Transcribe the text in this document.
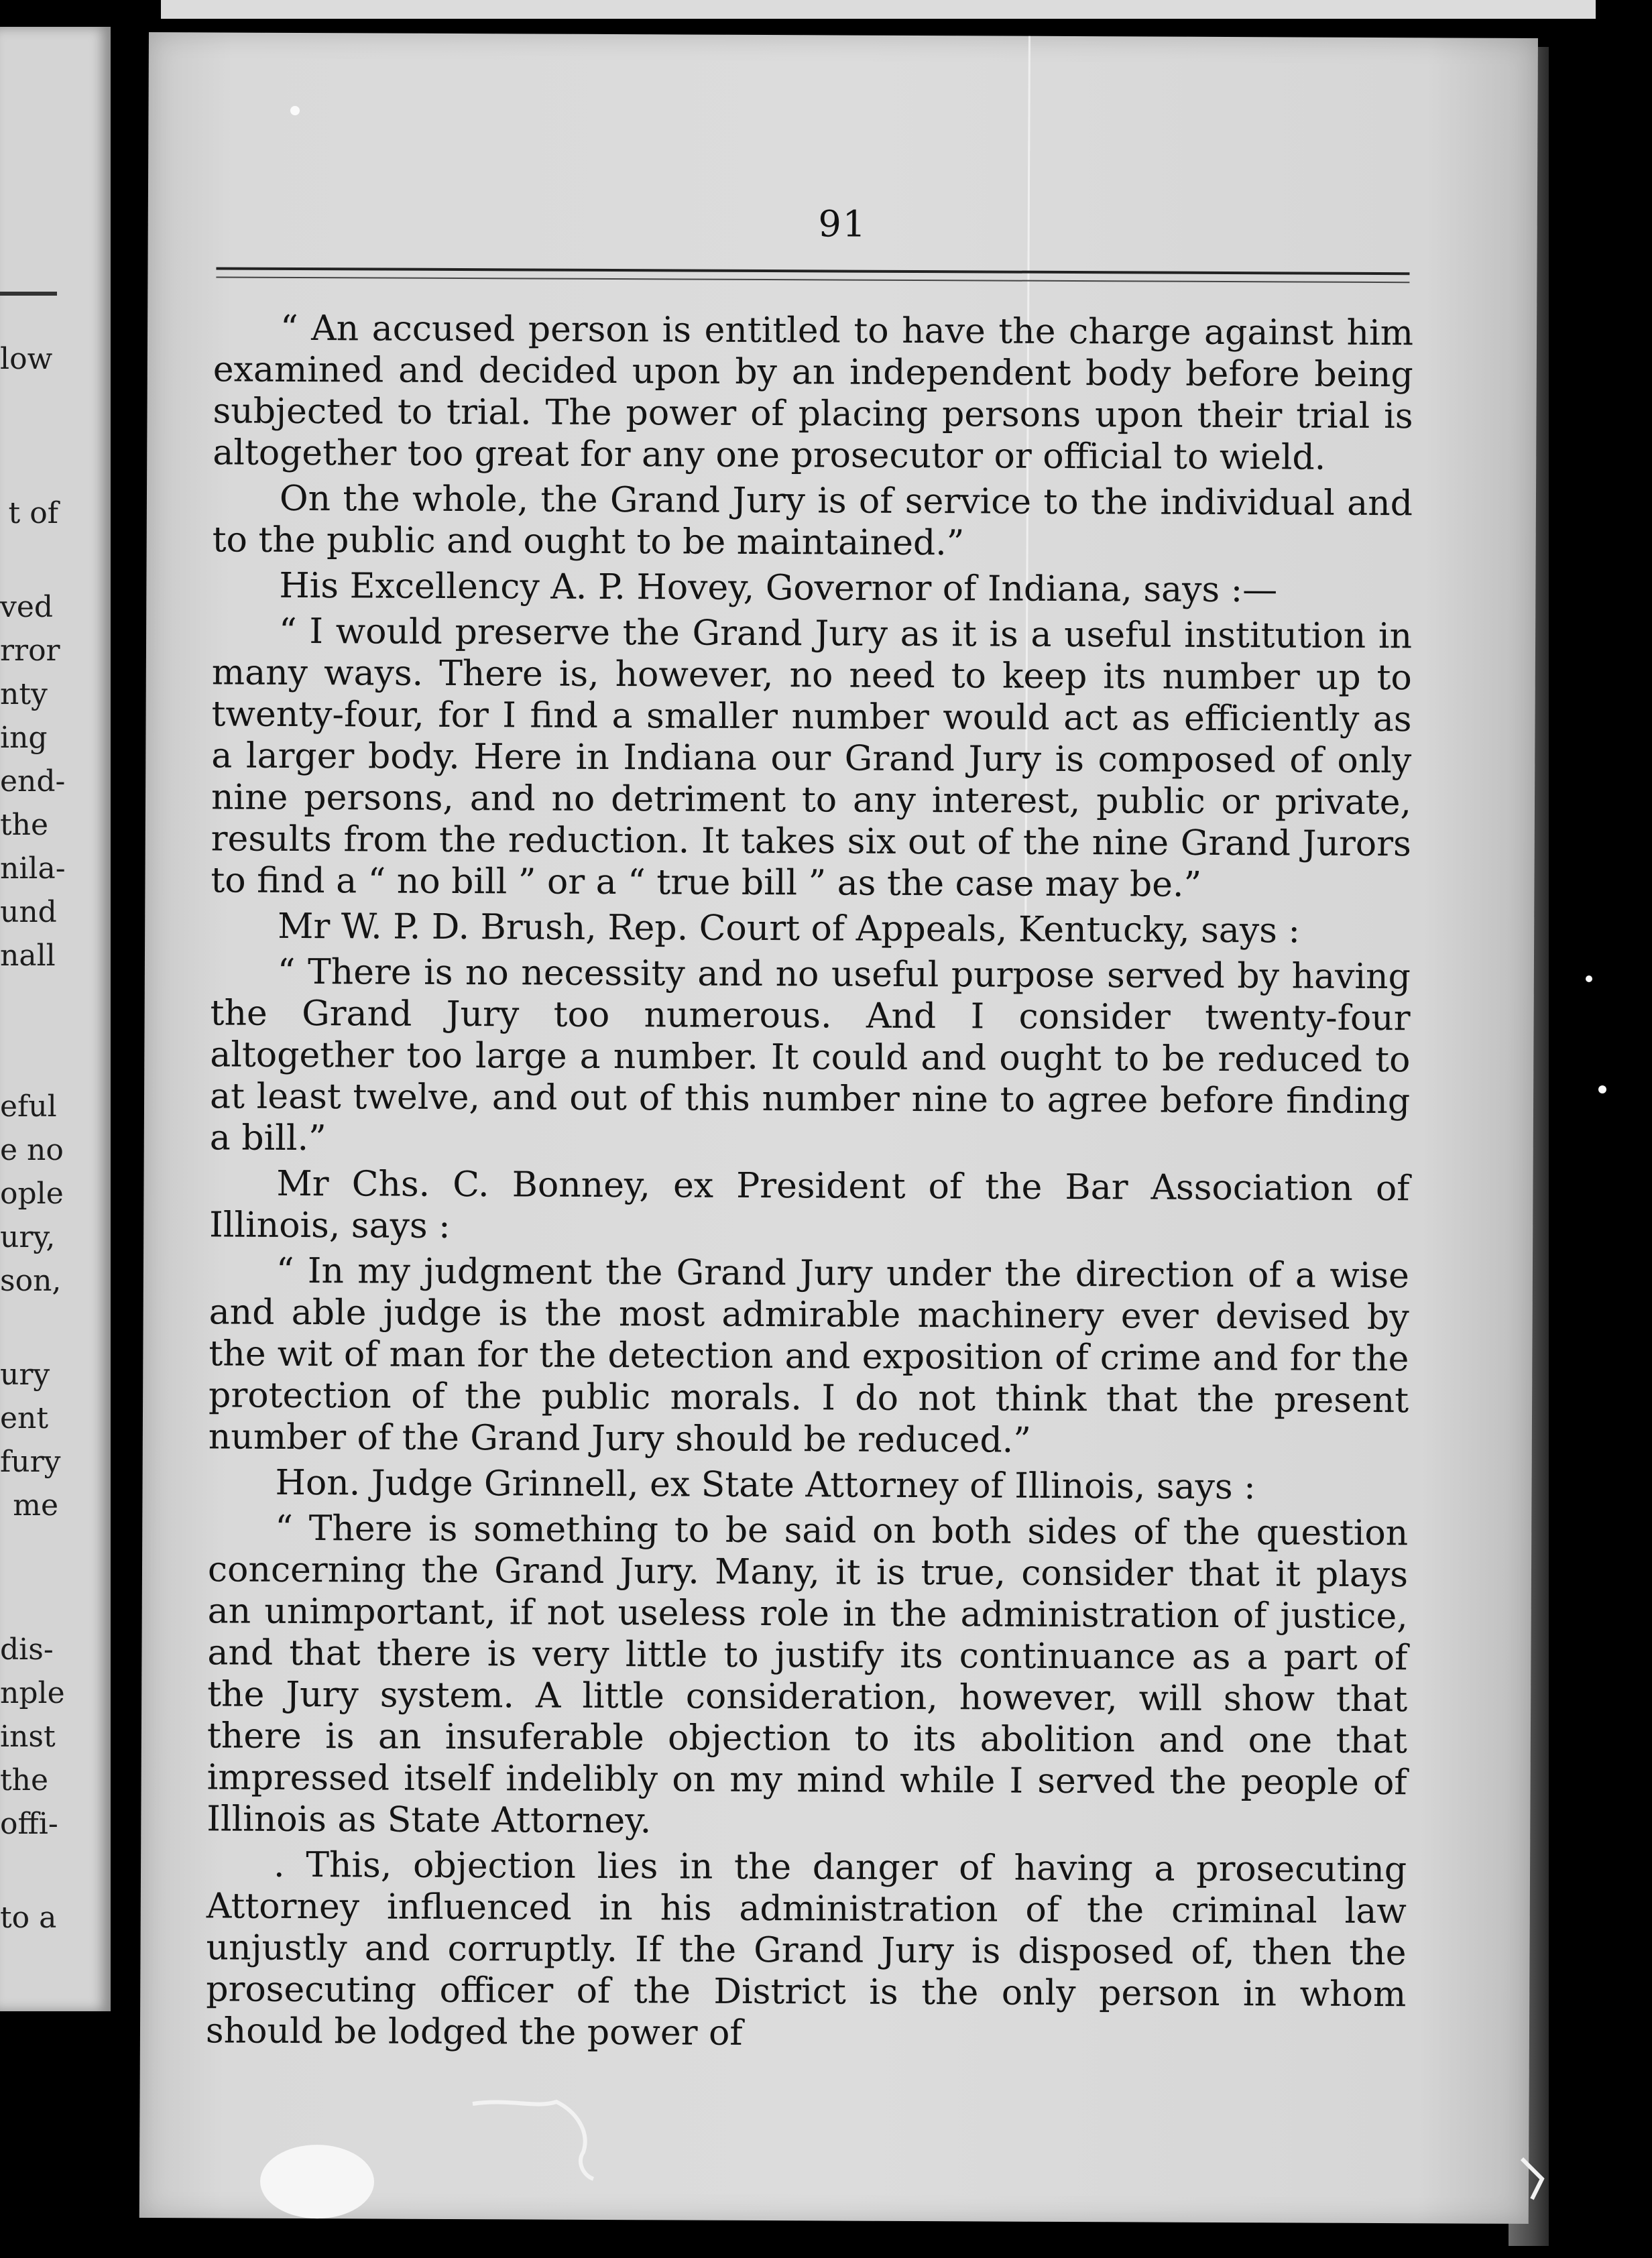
low
t of
ved
rror
nty
ing
end-
the
nila-
und
nall
eful
e no
ople
ury,
son,
ury
ent
fury
me
dis-
nple
inst
the
offi-
to a
91

“ An accused person is entitled to have the charge against him examined and decided upon by an independent body before being subjected to trial. The power of placing persons upon their trial is altogether too great for any one prosecutor or official to wield.

On the whole, the Grand Jury is of service to the individual and to the public and ought to be maintained.”

His Excellency A. P. Hovey, Governor of Indiana, says :—

“ I would preserve the Grand Jury as it is a useful institution in many ways. There is, however, no need to keep its number up to twenty-four, for I find a smaller number would act as efficiently as a larger body. Here in Indiana our Grand Jury is composed of only nine persons, and no detriment to any interest, public or private, results from the reduction. It takes six out of the nine Grand Jurors to find a “ no bill ” or a “ true bill ” as the case may be.”

Mr W. P. D. Brush, Rep. Court of Appeals, Kentucky, says :

“ There is no necessity and no useful purpose served by having the Grand Jury too numerous. And I consider twenty-four altogether too large a number. It could and ought to be reduced to at least twelve, and out of this number nine to agree before finding a bill.”

Mr Chs. C. Bonney, ex President of the Bar Association of Illinois, says :

“ In my judgment the Grand Jury under the direction of a wise and able judge is the most admirable machinery ever devised by the wit of man for the detection and exposition of crime and for the protection of the public morals. I do not think that the present number of the Grand Jury should be reduced.”

Hon. Judge Grinnell, ex State Attorney of Illinois, says :

“ There is something to be said on both sides of the question concerning the Grand Jury. Many, it is true, consider that it plays an unimportant, if not useless role in the administration of justice, and that there is very little to justify its continuance as a part of the Jury system. A little consideration, however, will show that there is an insuferable objection to its abolition and one that impressed itself indelibly on my mind while I served the people of Illinois as State Attorney.

. This, objection lies in the danger of having a prosecuting Attorney influenced in his administration of the criminal law unjustly and corruptly. If the Grand Jury is disposed of, then the prosecuting officer of the District is the only person in whom should be lodged the power of
